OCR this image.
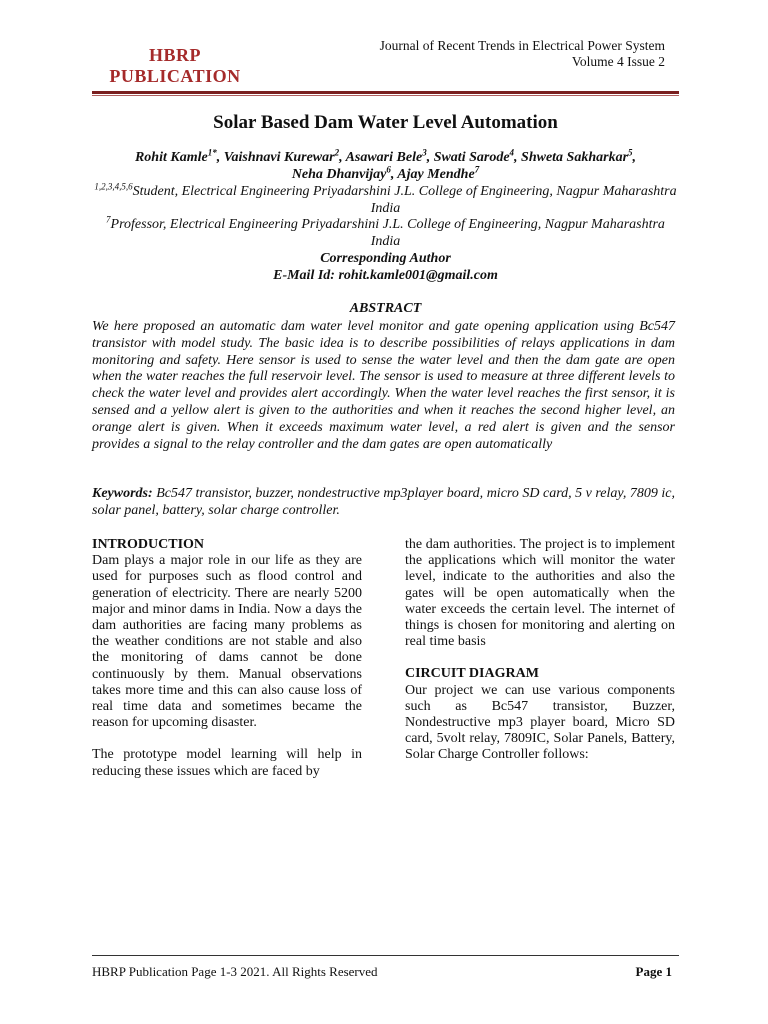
HBRP
PUBLICATION
Journal of Recent Trends in Electrical Power System
Volume 4 Issue 2
Solar Based Dam Water Level Automation
Rohit Kamle$^{1*}$, Vaishnavi Kurewar$^2$, Asawari Bele$^3$, Swati Sarode$^4$, Shweta Sakharkar$^5$,
Neha Dhanvijay$^6$, Ajay Mendhe$^7$
$^{1,2,3,4,5,6}$Student, Electrical Engineering Priyadarshini J.L. College of Engineering, Nagpur Maharashtra India
$^7$Professor, Electrical Engineering Priyadarshini J.L. College of Engineering, Nagpur Maharashtra India
Corresponding Author
E-Mail Id: rohit.kamle001@gmail.com
ABSTRACT
We here proposed an automatic dam water level monitor and gate opening application using Bc547 transistor with model study. The basic idea is to describe possibilities of relays applications in dam monitoring and safety. Here sensor is used to sense the water level and then the dam gate are open when the water reaches the full reservoir level. The sensor is used to measure at three different levels to check the water level and provides alert accordingly. When the water level reaches the first sensor, it is sensed and a yellow alert is given to the authorities and when it reaches the second higher level, an orange alert is given. When it exceeds maximum water level, a red alert is given and the sensor provides a signal to the relay controller and the dam gates are open automatically
Keywords: Bc547 transistor, buzzer, nondestructive mp3player board, micro SD card, 5 v relay, 7809 ic, solar panel, battery, solar charge controller.
INTRODUCTION
Dam plays a major role in our life as they are used for purposes such as flood control and generation of electricity. There are nearly 5200 major and minor dams in India. Now a days the dam authorities are facing many problems as the weather conditions are not stable and also the monitoring of dams cannot be done continuously by them. Manual observations takes more time and this can also cause loss of real time data and sometimes became the reason for upcoming disaster.
The prototype model learning will help in reducing these issues which are faced by
the dam authorities. The project is to implement the applications which will monitor the water level, indicate to the authorities and also the gates will be open automatically when the water exceeds the certain level. The internet of things is chosen for monitoring and alerting on real time basis
CIRCUIT DIAGRAM
Our project we can use various components such as Bc547 transistor, Buzzer, Nondestructive mp3 player board, Micro SD card, 5volt relay, 7809IC, Solar Panels, Battery, Solar Charge Controller follows:
HBRP Publication Page 1-3 2021. All Rights Reserved	Page 1
